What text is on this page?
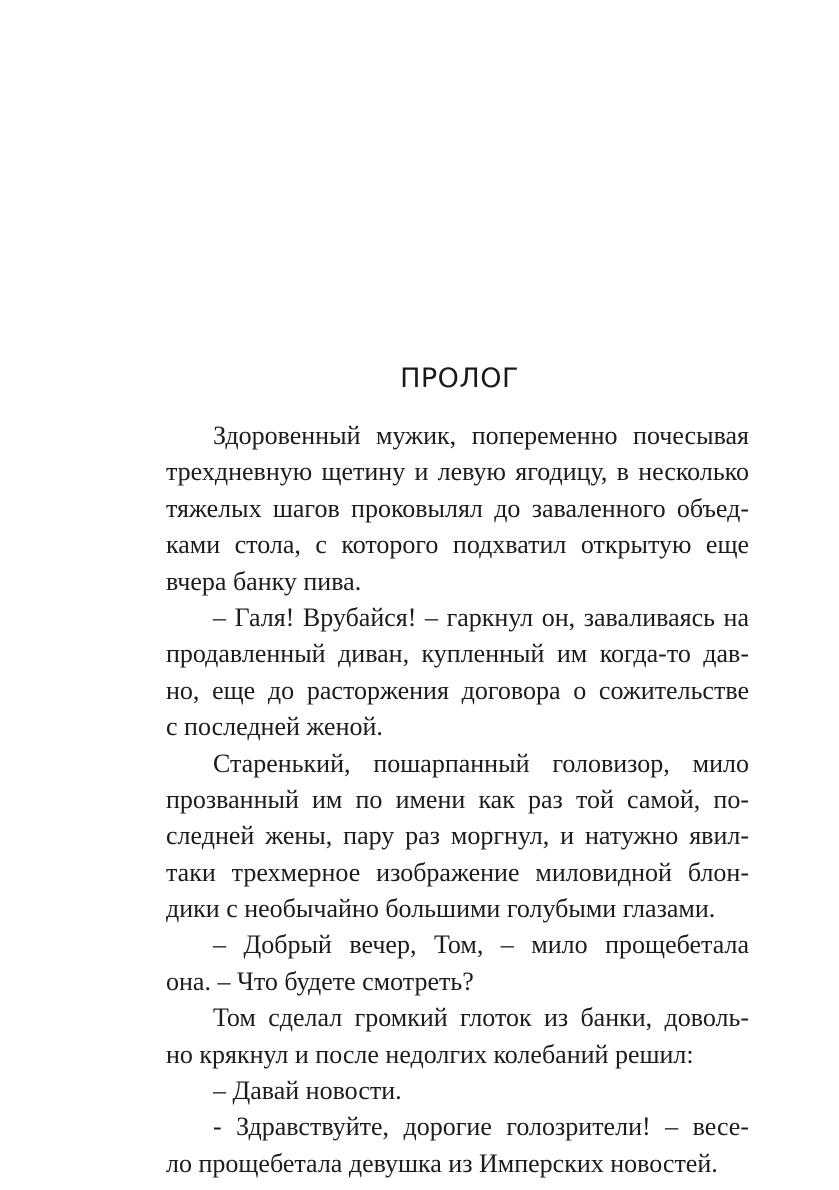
ПРОЛОГ
Здоровенный мужик, попеременно почесывая
трехдневную щетину и левую ягодицу, в несколько
тяжелых шагов проковылял до заваленного объед-
ками стола, с которого подхватил открытую еще
вчера банку пива.
– Галя! Врубайся! – гаркнул он, заваливаясь на
продавленный диван, купленный им когда-то дав-
но, еще до расторжения договора о сожительстве
с последней женой.
Старенький, пошарпанный головизор, мило
прозванный им по имени как раз той самой, по-
следней жены, пару раз моргнул, и натужно явил-
таки трехмерное изображение миловидной блон-
дики с необычайно большими голубыми глазами.
– Добрый вечер, Том, – мило прощебетала
она. – Что будете смотреть?
Том сделал громкий глоток из банки, доволь-
но крякнул и после недолгих колебаний решил:
– Давай новости.
- Здравствуйте, дорогие голозрители! – весе-
ло прощебетала девушка из Имперских новостей.
